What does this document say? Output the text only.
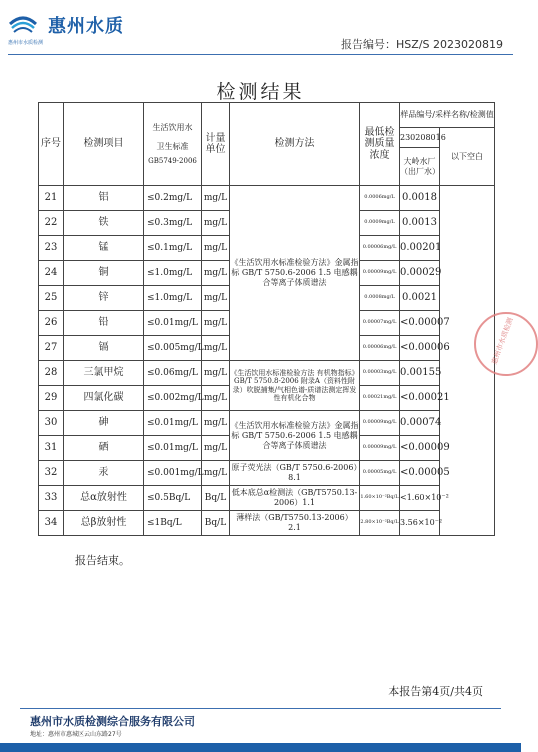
惠州水质
惠州市水质检测	报告编号：HSZ/S 2023020819
检测结果
序号	检测项目	生活饮用水

卫生标准
GB5749-2006	计量单位	检测方法	最低检测质量浓度	样品编号/采样名称/检测值	
						230208016	以下空白
						大岭水厂（出厂水）	
21	铝	≤0.2mg/L	mg/L	《生活饮用水标准检验方法》金属指标 GB/T 5750.6-2006 1.5 电感耦合等离子体质谱法	0.0006mg/L	0.0018	
22	铁	≤0.3mg/L	mg/L		0.0009mg/L	0.0013	
23	锰	≤0.1mg/L	mg/L		0.00006mg/L	0.00201	
24	铜	≤1.0mg/L	mg/L		0.00009mg/L	0.00029	
25	锌	≤1.0mg/L	mg/L		0.0008mg/L	0.0021	
26	铅	≤0.01mg/L	mg/L		0.00007mg/L	<0.00007	
27	镉	≤0.005mg/L	mg/L		0.00006mg/L	<0.00006	
28	三氯甲烷	≤0.06mg/L	mg/L	《生活饮用水标准检验方法 有机物指标》 GB/T 5750.8-2006 附录A（资料性附录）吹脱捕集/气相色谱-质谱法测定挥发性有机化合物	0.00003mg/L	0.00155	
29	四氯化碳	≤0.002mg/L	mg/L		0.00021mg/L	<0.00021	
30	砷	≤0.01mg/L	mg/L	《生活饮用水标准检验方法》金属指标 GB/T 5750.6-2006 1.5 电感耦合等离子体质谱法	0.00009mg/L	0.00074	
31	硒	≤0.01mg/L	mg/L		0.00009mg/L	<0.00009	
32	汞	≤0.001mg/L	mg/L	原子荧光法（GB/T 5750.6-2006）8.1	0.00005mg/L	<0.00005	
33	总α放射性	≤0.5Bq/L	Bq/L	低本底总α检测法（GB/T5750.13-2006）1.1	1.60×10⁻²Bq/L	<1.60×10⁻²	
34	总β放射性	≤1Bq/L	Bq/L	薄样法（GB/T5750.13-2006）2.1	2.80×10⁻²Bq/L	3.56×10⁻²	
惠州市水质检测
报告结束。
本报告第4页/共4页
惠州市水质检测综合服务有限公司
地址：惠州市惠城区云山东路27号
